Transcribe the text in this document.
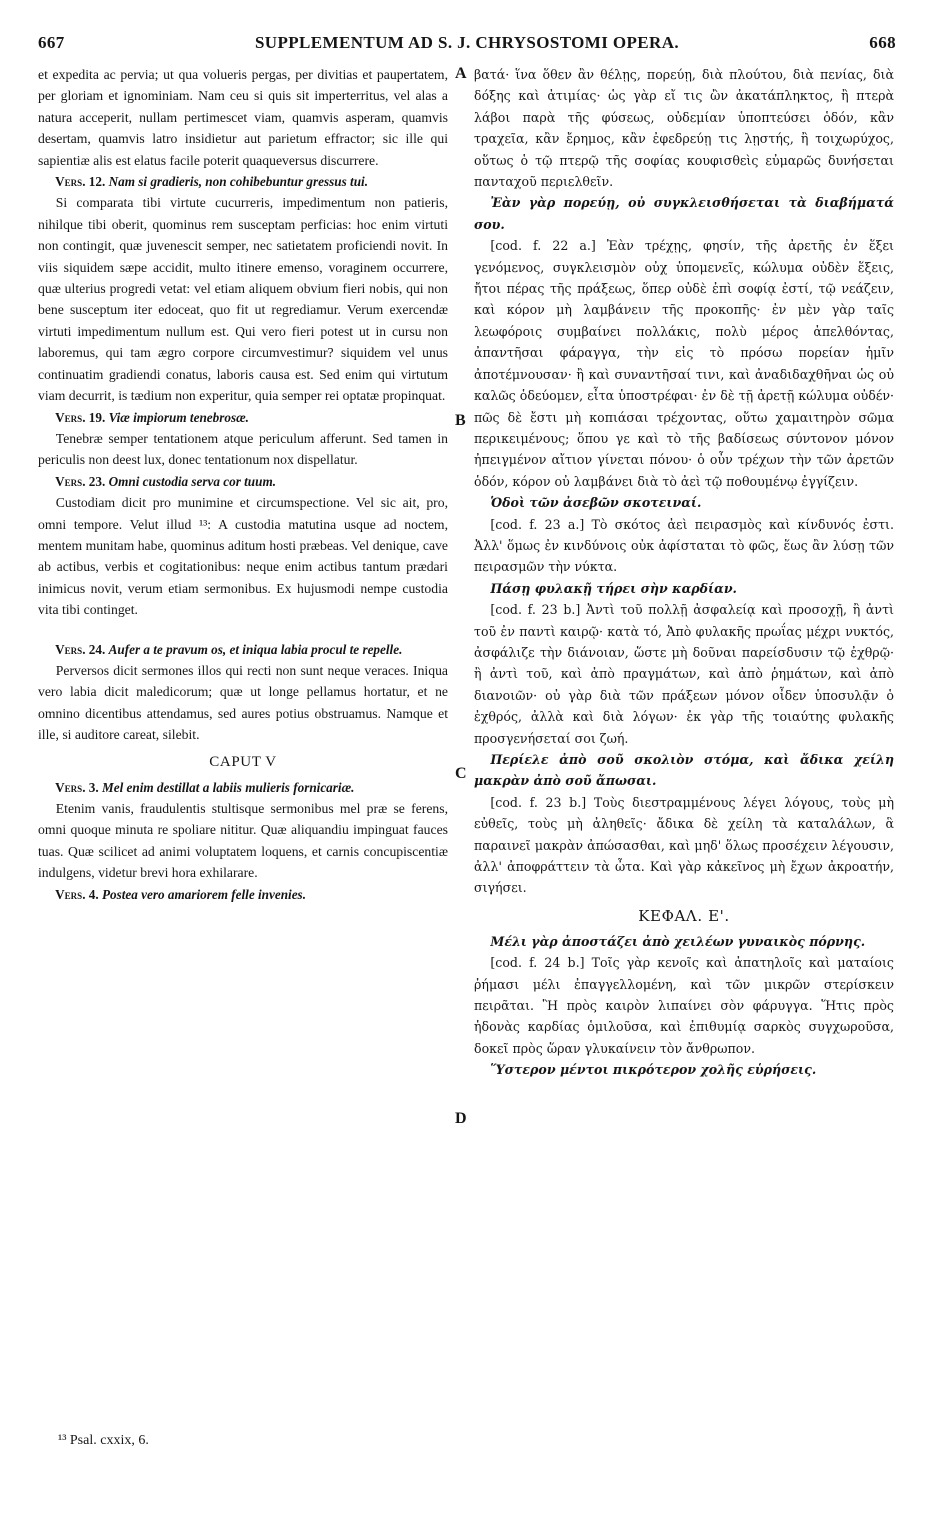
667	SUPPLEMENTUM AD S. J. CHRYSOSTOMI OPERA.	668

et expedita ac pervia; ut qua volueris pergas, per divitias et paupertatem, per gloriam et ignominiam. Nam ceu si quis sit imperterritus, vel alas a natura acceperit, nullam pertimescet viam, quamvis asperam, quamvis desertam, quamvis latro insidietur aut parietum effractor; sic ille qui sapientiæ alis est elatus facile poterit quaqueversus discurrere.

Vers. 12. Nam si gradieris, non cohibebuntur gressus tui.

Si comparata tibi virtute cucurreris, impedimentum non patieris, nihilque tibi oberit, quominus rem susceptam perficias: hoc enim virtuti non contingit, quæ juvenescit semper, nec satietatem proficiendi novit. In viis siquidem sæpe accidit, multo itinere emenso, voraginem occurrere, quæ ulterius progredi vetat: vel etiam aliquem obvium fieri nobis, qui non bene susceptum iter edoceat, quo fit ut regrediamur. Verum exercendæ virtuti impedimentum nullum est. Qui vero fieri potest ut in cursu non laboremus, qui tam ægro corpore circumvestimur? siquidem vel unus continuatim gradiendi conatus, laboris causa est. Sed enim qui virtutum viam decurrit, is tædium non experitur, quia semper rei optatæ propinquat.

Vers. 19. Viæ impiorum tenebrosæ.

Tenebræ semper tentationem atque periculum afferunt. Sed tamen in periculis non deest lux, donec tentationum nox dispellatur.

Vers. 23. Omni custodia serva cor tuum.

Custodiam dicit pro munimine et circumspectione. Vel sic ait, pro, omni tempore. Velut illud ¹³: A custodia matutina usque ad noctem, mentem munitam habe, quominus aditum hosti præbeas. Vel denique, cave ab actibus, verbis et cogitationibus: neque enim actibus tantum prædari inimicus novit, verum etiam sermonibus. Ex hujusmodi nempe custodia vita tibi continget.

Vers. 24. Aufer a te pravum os, et iniqua labia procul te repelle.

Perversos dicit sermones illos qui recti non sunt neque veraces. Iniqua vero labia dicit maledicorum; quæ ut longe pellamus hortatur, et ne omnino dicentibus attendamus, sed aures potius obstruamus. Namque et ille, si auditore careat, silebit.

CAPUT V

Vers. 3. Mel enim destillat a labiis mulieris fornicariæ.

Etenim vanis, fraudulentis stultisque sermonibus mel præ se ferens, omni quoque minuta re spoliare nititur. Quæ aliquandiu impinguat fauces tuas. Quæ scilicet ad animi voluptatem loquens, et carnis concupiscentiæ indulgens, videtur brevi hora exhilarare.

Vers. 4. Postea vero amariorem felle invenies.

βατά· ἵνα ὅθεν ἂν θέλῃς, πορεύῃ, διὰ πλούτου, διὰ πενίας, διὰ δόξης καὶ ἀτιμίας· ὡς γὰρ εἴ τις ὢν ἀκατάπληκτος, ἢ πτερὰ λάβοι παρὰ τῆς φύσεως, οὐδεμίαν ὑποπτεύσει ὁδόν, κἂν τραχεῖα, κἂν ἔρημος, κἂν ἐφεδρεύῃ τις λῃστής, ἢ τοιχωρύχος, οὕτως ὁ τῷ πτερῷ τῆς σοφίας κουφισθεὶς εὐμαρῶς δυνήσεται πανταχοῦ περιελθεῖν.

Ἐὰν γὰρ πορεύῃ, οὐ συγκλεισθήσεται τὰ διαβήματά σου.

[cod. f. 22 a.] Ἐὰν τρέχῃς, φησίν, τῆς ἀρετῆς ἐν ἕξει γενόμενος, συγκλεισμὸν οὐχ ὑπομενεῖς, κώλυμα οὐδὲν ἕξεις, ἤτοι πέρας τῆς πράξεως, ὅπερ οὐδὲ ἐπὶ σοφίᾳ ἐστί, τῷ νεάζειν, καὶ κόρον μὴ λαμβάνειν τῆς προκοπῆς· ἐν μὲν γὰρ ταῖς λεωφόροις συμβαίνει πολλάκις, πολὺ μέρος ἀπελθόντας, ἀπαντῆσαι φάραγγα, τὴν εἰς τὸ πρόσω πορείαν ἡμῖν ἀποτέμνουσαν· ἢ καὶ συναντῆσαί τινι, καὶ ἀναδιδαχθῆναι ὡς οὐ καλῶς ὁδεύομεν, εἶτα ὑποστρέφαι· ἐν δὲ τῇ ἀρετῇ κώλυμα οὐδέν· πῶς δὲ ἔστι μὴ κοπιάσαι τρέχοντας, οὕτω χαμαιτηρὸν σῶμα περικειμένους; ὅπου γε καὶ τὸ τῆς βαδίσεως σύντονον μόνον ἠπειγμένον αἴτιον γίνεται πόνου· ὁ οὖν τρέχων τὴν τῶν ἀρετῶν ὁδόν, κόρον οὐ λαμβάνει διὰ τὸ ἀεὶ τῷ ποθουμένῳ ἐγγίζειν.

Ὁδοὶ τῶν ἀσεβῶν σκοτειναί.

[cod. f. 23 a.] Τὸ σκότος ἀεὶ πειρασμὸς καὶ κίνδυνός ἐστι. Ἀλλ' ὅμως ἐν κινδύνοις οὐκ ἀφίσταται τὸ φῶς, ἕως ἂν λύσῃ τῶν πειρασμῶν τὴν νύκτα.

Πάσῃ φυλακῇ τήρει σὴν καρδίαν.

[cod. f. 23 b.] Ἀντὶ τοῦ πολλῇ ἀσφαλείᾳ καὶ προσοχῇ, ἢ ἀντὶ τοῦ ἐν παντὶ καιρῷ· κατὰ τό, Ἀπὸ φυλακῆς πρωΐας μέχρι νυκτός, ἀσφάλιζε τὴν διάνοιαν, ὥστε μὴ δοῦναι παρείσδυσιν τῷ ἐχθρῷ· ἢ ἀντὶ τοῦ, καὶ ἀπὸ πραγμάτων, καὶ ἀπὸ ῥημάτων, καὶ ἀπὸ διανοιῶν· οὐ γὰρ διὰ τῶν πράξεων μόνον οἶδεν ὑποσυλᾷν ὁ ἐχθρός, ἀλλὰ καὶ διὰ λόγων· ἐκ γὰρ τῆς τοιαύτης φυλακῆς προσγενήσεταί σοι ζωή.

Περίελε ἀπὸ σοῦ σκολιὸν στόμα, καὶ ἄδικα χείλη μακρὰν ἀπὸ σοῦ ἄπωσαι.

[cod. f. 23 b.] Τοὺς διεστραμμένους λέγει λόγους, τοὺς μὴ εὐθεῖς, τοὺς μὴ ἀληθεῖς· ἄδικα δὲ χείλη τὰ καταλάλων, ἃ παραινεῖ μακρὰν ἀπώσασθαι, καὶ μηδ' ὅλως προσέχειν λέγουσιν, ἀλλ' ἀποφράττειν τὰ ὦτα. Καὶ γὰρ κἀκεῖνος μὴ ἔχων ἀκροατήν, σιγήσει.

ΚΕΦΑΛ. Ε'.

Μέλι γὰρ ἀποστάζει ἀπὸ χειλέων γυναικὸς πόρνης.

[cod. f. 24 b.] Τοῖς γὰρ κενοῖς καὶ ἀπατηλοῖς καὶ ματαίοις ῥήμασι μέλι ἐπαγγελλομένη, καὶ τῶν μικρῶν στερίσκειν πειρᾶται. Ἣ πρὸς καιρὸν λιπαίνει σὸν φάρυγγα. Ἥτις πρὸς ἡδονὰς καρδίας ὁμιλοῦσα, καὶ ἐπιθυμίᾳ σαρκὸς συγχωροῦσα, δοκεῖ πρὸς ὥραν γλυκαίνειν τὸν ἄνθρωπον.

Ὕστερον μέντοι πικρότερον χολῆς εὑρήσεις.

A
B
C
D
¹³ Psal. cxxix, 6.
